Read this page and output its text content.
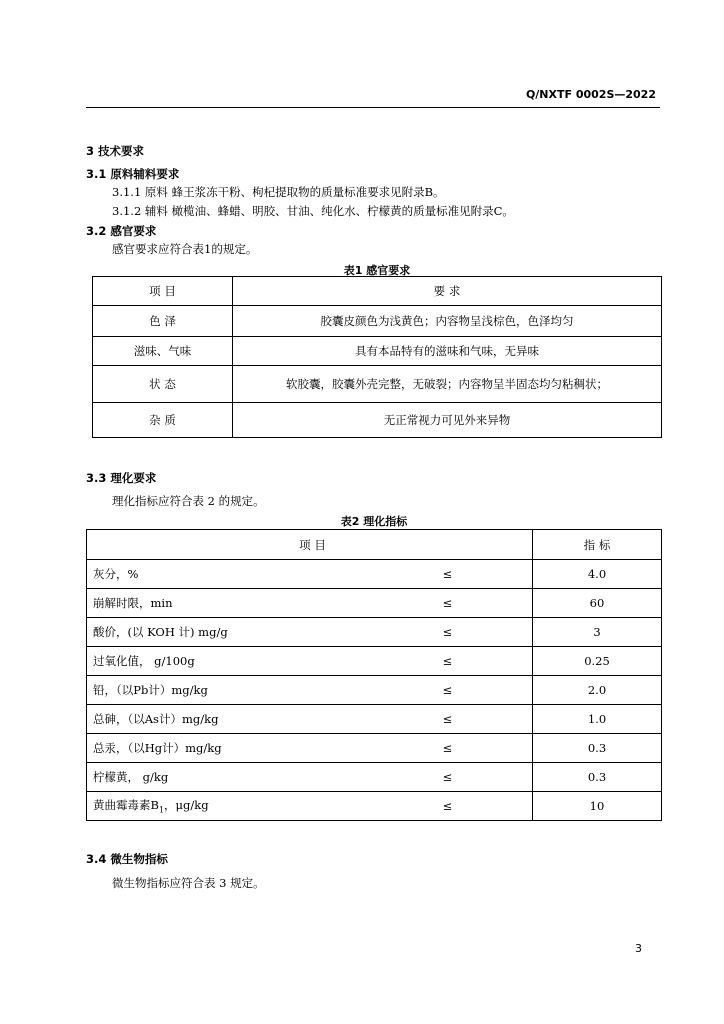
Q/NXTF 0002S—2022
3 技术要求
3.1 原料辅料要求
3.1.1 原料 蜂王浆冻干粉、枸杞提取物的质量标准要求见附录B。
3.1.2 辅料 橄榄油、蜂蜡、明胶、甘油、纯化水、柠檬黄的质量标准见附录C。
3.2 感官要求
感官要求应符合表1的规定。
表1 感官要求
项 目	要 求
色 泽	胶囊皮颜色为浅黄色；内容物呈浅棕色，色泽均匀
滋味、气味	具有本品特有的滋味和气味，无异味
状 态	软胶囊，胶囊外壳完整，无破裂；内容物呈半固态均匀粘稠状；
杂 质	无正常视力可见外来异物
3.3 理化要求
理化指标应符合表 2 的规定。
表2 理化指标
项 目		指 标
灰分，%	≤	4.0
崩解时限，min	≤	60
酸价，(以 KOH 计) mg/g	≤	3
过氧化值， g/100g	≤	0.25
铅，（以Pb计）mg/kg	≤	2.0
总砷，（以As计）mg/kg	≤	1.0
总汞，（以Hg计）mg/kg	≤	0.3
柠檬黄， g/kg	≤	0.3
黄曲霉毒素$B_1$，μg/kg	≤	10
3.4 微生物指标
微生物指标应符合表 3 规定。
3
